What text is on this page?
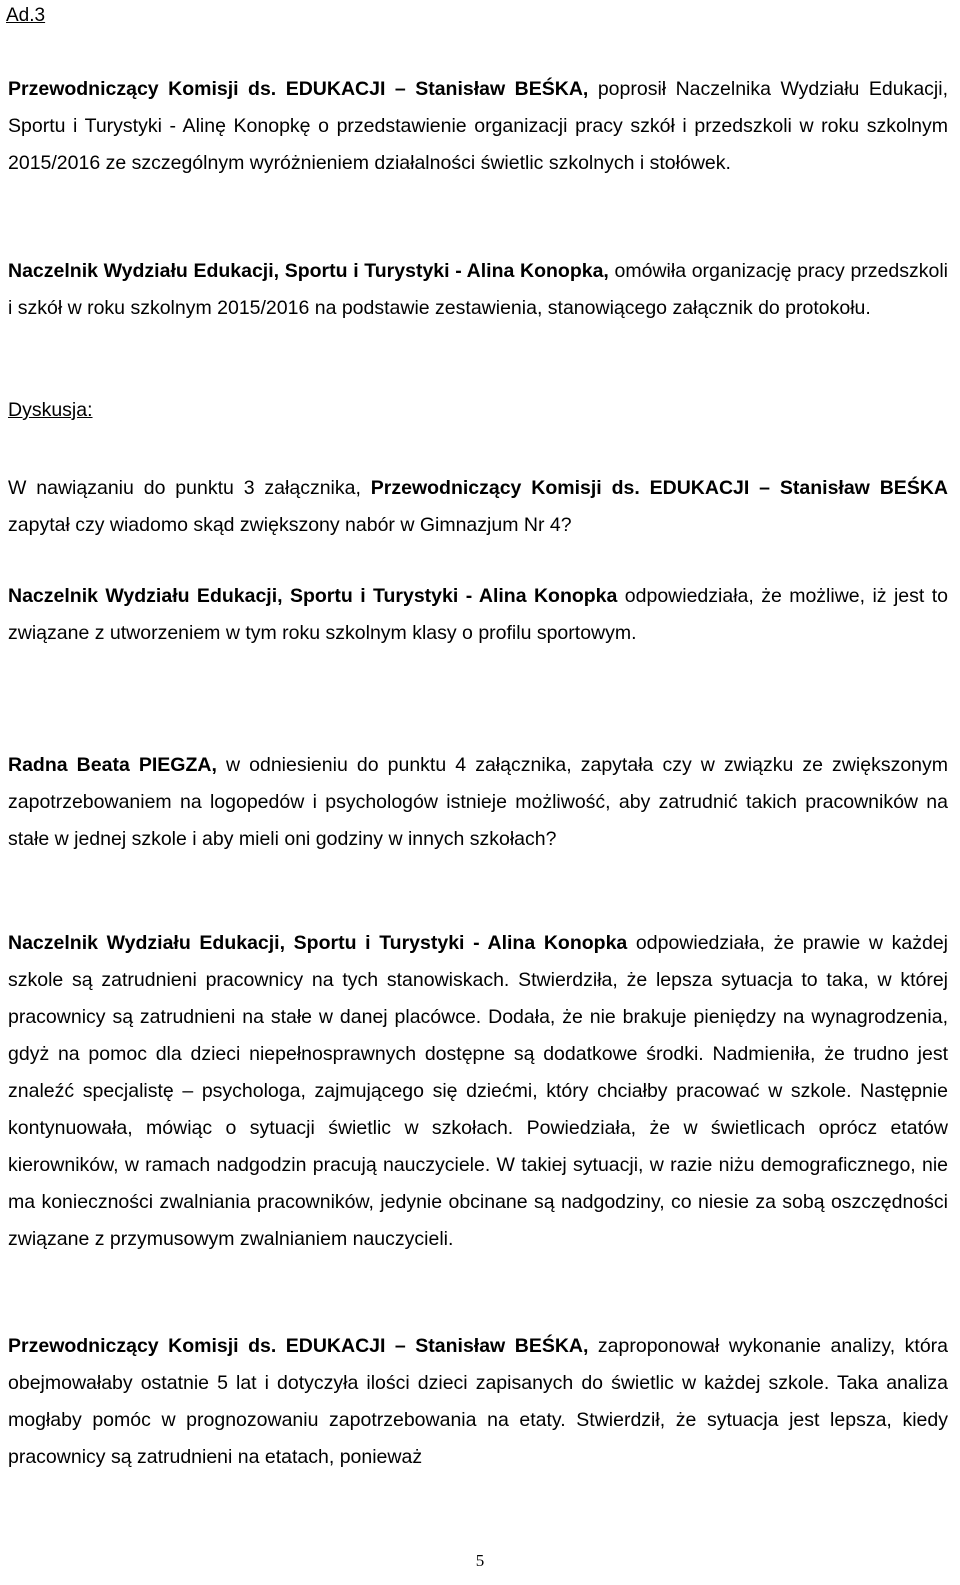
Ad.3

Przewodniczący Komisji ds. EDUKACJI – Stanisław BEŚKA, poprosił Naczelnika Wydziału Edukacji, Sportu i Turystyki - Alinę Konopkę o przedstawienie organizacji pracy szkół i przedszkoli w roku szkolnym 2015/2016 ze szczególnym wyróżnieniem działalności świetlic szkolnych i stołówek.

Naczelnik Wydziału Edukacji, Sportu i Turystyki - Alina Konopka, omówiła organizację pracy przedszkoli i szkół w roku szkolnym 2015/2016 na podstawie zestawienia, stanowiącego załącznik do protokołu.

Dyskusja:

W nawiązaniu do punktu 3 załącznika, Przewodniczący Komisji ds. EDUKACJI – Stanisław BEŚKA zapytał czy wiadomo skąd zwiększony nabór w Gimnazjum Nr 4?

Naczelnik Wydziału Edukacji, Sportu i Turystyki - Alina Konopka odpowiedziała, że możliwe, iż jest to związane z utworzeniem w tym roku szkolnym klasy o profilu sportowym.

Radna Beata PIEGZA, w odniesieniu do punktu 4 załącznika, zapytała czy w związku ze zwiększonym zapotrzebowaniem na logopedów i psychologów istnieje możliwość, aby zatrudnić takich pracowników na stałe w jednej szkole i aby mieli oni godziny w innych szkołach?

Naczelnik Wydziału Edukacji, Sportu i Turystyki - Alina Konopka odpowiedziała, że prawie w każdej szkole są zatrudnieni pracownicy na tych stanowiskach. Stwierdziła, że lepsza sytuacja to taka, w której pracownicy są zatrudnieni na stałe w danej placówce. Dodała, że nie brakuje pieniędzy na wynagrodzenia, gdyż na pomoc dla dzieci niepełnosprawnych dostępne są dodatkowe środki. Nadmieniła, że trudno jest znaleźć specjalistę – psychologa, zajmującego się dziećmi, który chciałby pracować w szkole. Następnie kontynuowała, mówiąc o sytuacji świetlic w szkołach. Powiedziała, że w świetlicach oprócz etatów kierowników, w ramach nadgodzin pracują nauczyciele. W takiej sytuacji, w razie niżu demograficznego, nie ma konieczności zwalniania pracowników, jedynie obcinane są nadgodziny, co niesie za sobą oszczędności związane z przymusowym zwalnianiem nauczycieli.

Przewodniczący Komisji ds. EDUKACJI – Stanisław BEŚKA, zaproponował wykonanie analizy, która obejmowałaby ostatnie 5 lat i dotyczyła ilości dzieci zapisanych do świetlic w każdej szkole. Taka analiza mogłaby pomóc w prognozowaniu zapotrzebowania na etaty. Stwierdził, że sytuacja jest lepsza, kiedy pracownicy są zatrudnieni na etatach, ponieważ

5
